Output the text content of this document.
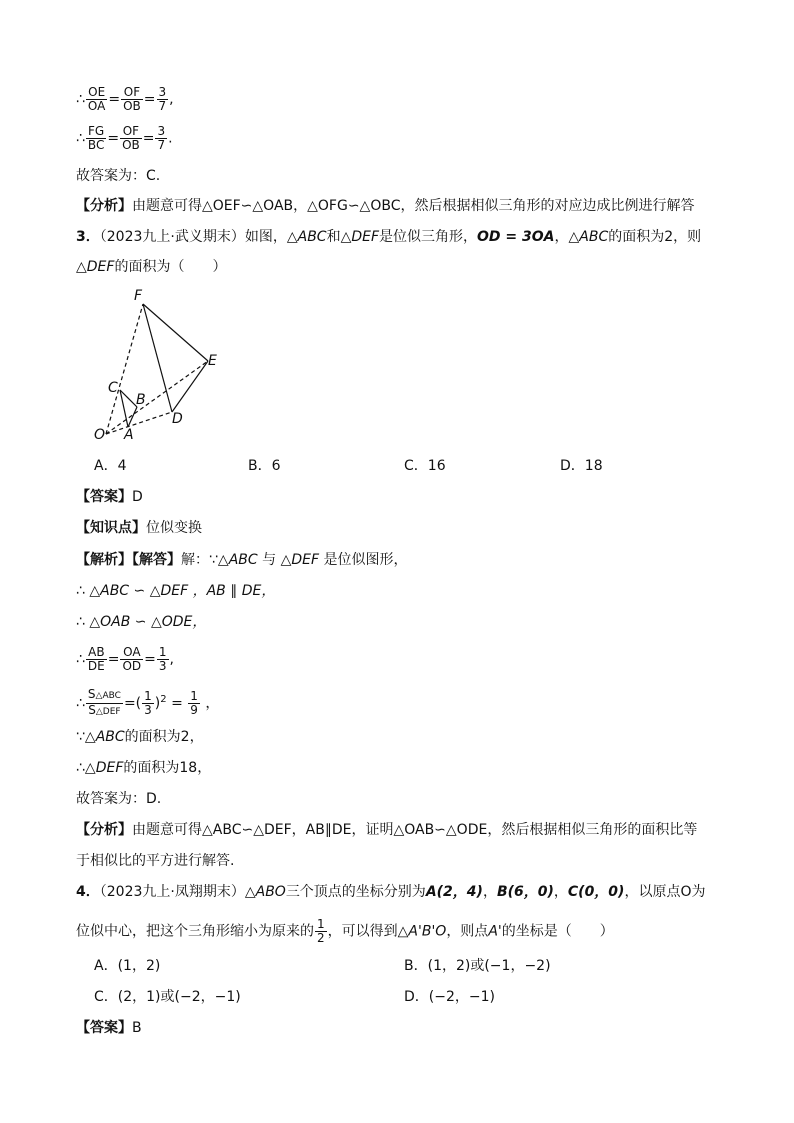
∴ $\frac{OE}{OA} = \frac{OF}{OB} = \frac{3}{7}$ ,
∴ $\frac{FG}{BC} = \frac{OF}{OB} = \frac{3}{7}$ .
故答案为：C.
【分析】由题意可得△OEF∽△OAB，△OFG∽△OBC，然后根据相似三角形的对应边成比例进行解答
3．（2023九上·武义期末）如图，△ABC和△DEF是位似三角形，OD = 3OA，△ABC的面积为2，则
△DEF的面积为（　　）
F
E
C
B
D
O A
A．4	B．6	C．16	D．18
【答案】D
【知识点】位似变换
【解析】【解答】解：∵△ABC 与 △DEF 是位似图形，
∴ △ABC ∽ △DEF ，AB ∥ DE，
∴ △OAB ∽ △ODE，
∴ $\frac{AB}{DE} = \frac{OA}{OD} = \frac{1}{3}$ ,
∴ $\frac{\text{S△ABC}}{\text{S△DEF}}$ =( $\frac{1}{3} )^2 = \frac{1}{9}$ ，
∵△ABC的面积为2，
∴△DEF的面积为18，
故答案为：D.
【分析】由题意可得△ABC∽△DEF，AB∥DE，证明△OAB∽△ODE，然后根据相似三角形的面积比等
于相似比的平方进行解答.
4．（2023九上·凤翔期末）△ABO三个顶点的坐标分别为A(2，4)，B(6，0)，C(0，0)，以原点O为
位似中心，把这个三角形缩小为原来的 $\frac{1}{2}$ ，可以得到△A'B'O，则点A'的坐标是（　　）
A．(1，2)	B．(1，2)或(−1，−2)
C．(2，1)或(−2，−1)	D．(−2，−1)
【答案】B
